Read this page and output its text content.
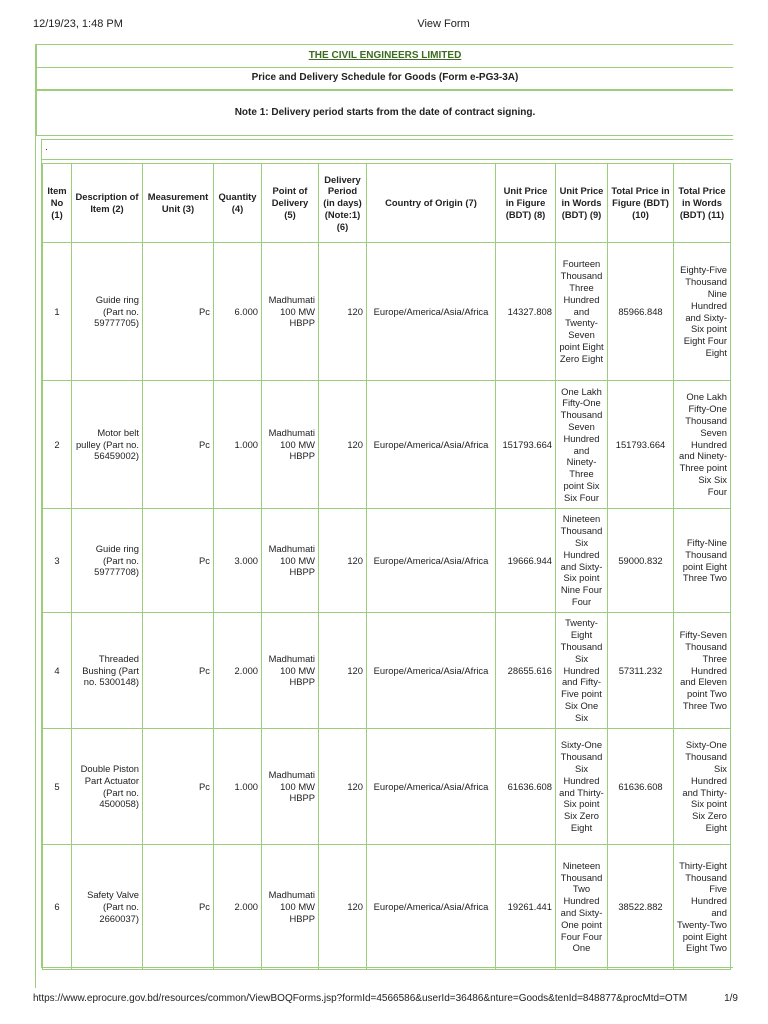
12/19/23, 1:48 PM	View Form
THE CIVIL ENGINEERS LIMITED
Price and Delivery Schedule for Goods (Form e-PG3-3A)
Note 1: Delivery period starts from the date of contract signing.
.
Item No (1)	Description of Item (2)	Measurement Unit (3)	Quantity (4)	Point of Delivery (5)	Delivery Period (in days) (Note:1) (6)	Country of Origin (7)	Unit Price in Figure (BDT) (8)	Unit Price in Words (BDT) (9)	Total Price in Figure (BDT) (10)	Total Price in Words (BDT) (11)
1	Guide ring (Part no. 59777705)	Pc	6.000	Madhumati 100 MW HBPP	120	Europe/America/Asia/Africa	14327.808	Fourteen Thousand Three Hundred and Twenty-Seven point Eight Zero Eight	85966.848	Eighty-Five Thousand Nine Hundred and Sixty-Six point Eight Four Eight
2	Motor belt pulley (Part no. 56459002)	Pc	1.000	Madhumati 100 MW HBPP	120	Europe/America/Asia/Africa	151793.664	One Lakh Fifty-One Thousand Seven Hundred and Ninety-Three point Six Six Four	151793.664	One Lakh Fifty-One Thousand Seven Hundred and Ninety-Three point Six Six Four
3	Guide ring (Part no. 59777708)	Pc	3.000	Madhumati 100 MW HBPP	120	Europe/America/Asia/Africa	19666.944	Nineteen Thousand Six Hundred and Sixty-Six point Nine Four Four	59000.832	Fifty-Nine Thousand point Eight Three Two
4	Threaded Bushing (Part no. 5300148)	Pc	2.000	Madhumati 100 MW HBPP	120	Europe/America/Asia/Africa	28655.616	Twenty-Eight Thousand Six Hundred and Fifty-Five point Six One Six	57311.232	Fifty-Seven Thousand Three Hundred and Eleven point Two Three Two
5	Double Piston Part Actuator (Part no. 4500058)	Pc	1.000	Madhumati 100 MW HBPP	120	Europe/America/Asia/Africa	61636.608	Sixty-One Thousand Six Hundred and Thirty-Six point Six Zero Eight	61636.608	Sixty-One Thousand Six Hundred and Thirty-Six point Six Zero Eight
6	Safety Valve (Part no. 2660037)	Pc	2.000	Madhumati 100 MW HBPP	120	Europe/America/Asia/Africa	19261.441	Nineteen Thousand Two Hundred and Sixty-One point Four Four One	38522.882	Thirty-Eight Thousand Five Hundred and Twenty-Two point Eight Eight Two
https://www.eprocure.gov.bd/resources/common/ViewBOQForms.jsp?formId=4566586&userId=36486&nture=Goods&tenId=848877&procMtd=OTM	1/9
